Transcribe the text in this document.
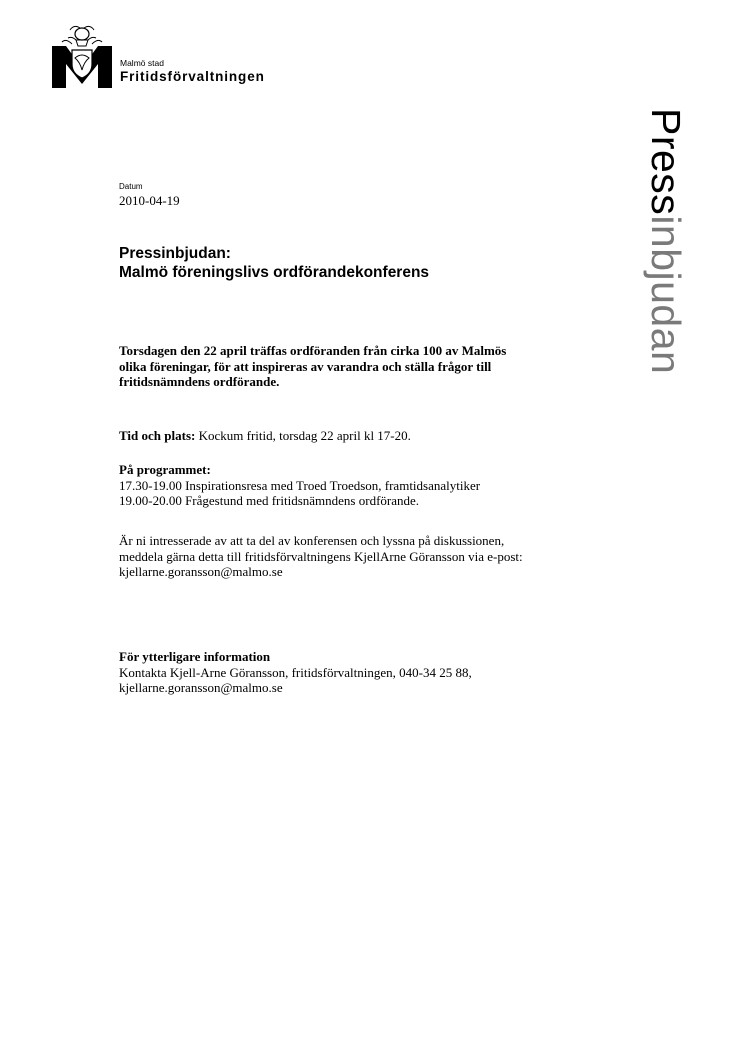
Malmö stad
Fritidsförvaltningen
Pressinbjudan
Datum
2010-04-19
Pressinbjudan:
Malmö föreningslivs ordförandekonferens
Torsdagen den 22 april träffas ordföranden från cirka 100 av Malmös
olika föreningar, för att inspireras av varandra och ställa frågor till
fritidsnämndens ordförande.
Tid och plats: Kockum fritid, torsdag 22 april kl 17-20.
På programmet:
17.30-19.00 Inspirationsresa med Troed Troedson, framtidsanalytiker
19.00-20.00 Frågestund med fritidsnämndens ordförande.
Är ni intresserade av att ta del av konferensen och lyssna på diskussionen,
meddela gärna detta till fritidsförvaltningens KjellArne Göransson via e-post:
kjellarne.goransson@malmo.se
För ytterligare information
Kontakta Kjell-Arne Göransson, fritidsförvaltningen, 040-34 25 88,
kjellarne.goransson@malmo.se
